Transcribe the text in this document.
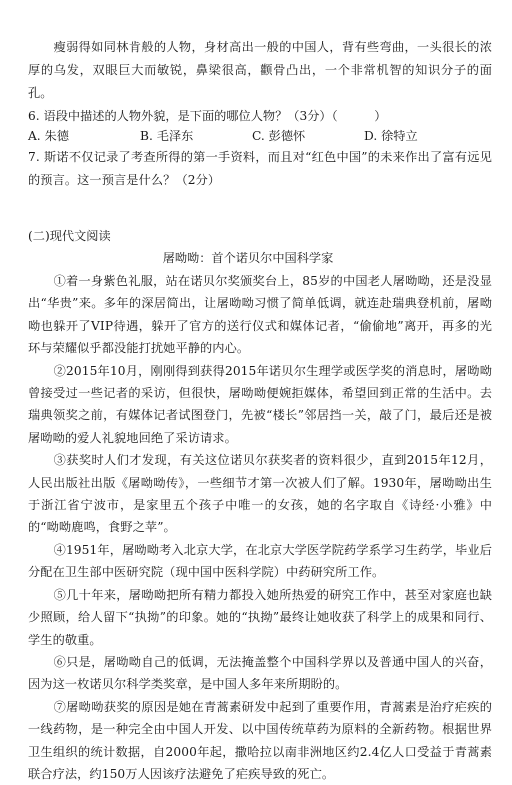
瘦弱得如同林肯般的人物，身材高出一般的中国人，背有些弯曲，一头很长的浓厚的乌发，双眼巨大而敏锐，鼻梁很高，颧骨凸出，一个非常机智的知识分子的面孔。

6. 语段中描述的人物外貌，是下面的哪位人物？（3分）（　　　）

A. 朱德	B. 毛泽东	C. 彭德怀	D. 徐特立

7. 斯诺不仅记录了考查所得的第一手资料，而且对“红色中国”的未来作出了富有远见的预言。这一预言是什么？（2分）

(二)现代文阅读

屠呦呦：首个诺贝尔中国科学家

①着一身紫色礼服，站在诺贝尔奖颁奖台上，85岁的中国老人屠呦呦，还是没显出“华贵”来。多年的深居简出，让屠呦呦习惯了简单低调，就连赴瑞典登机前，屠呦呦也躲开了VIP待遇，躲开了官方的送行仪式和媒体记者，“偷偷地”离开，再多的光环与荣耀似乎都没能打扰她平静的内心。

②2015年10月，刚刚得到获得2015年诺贝尔生理学或医学奖的消息时，屠呦呦曾接受过一些记者的采访，但很快，屠呦呦便婉拒媒体，希望回到正常的生活中。去瑞典领奖之前，有媒体记者试图登门，先被“楼长”邻居挡一关，敲了门，最后还是被屠呦呦的爱人礼貌地回绝了采访请求。

③获奖时人们才发现，有关这位诺贝尔获奖者的资料很少，直到2015年12月，人民出版社出版《屠呦呦传》，一些细节才第一次被人们了解。1930年，屠呦呦出生于浙江省宁波市，是家里五个孩子中唯一的女孩，她的名字取自《诗经·小雅》中的“呦呦鹿鸣，食野之苹”。

④1951年，屠呦呦考入北京大学，在北京大学医学院药学系学习生药学，毕业后分配在卫生部中医研究院（现中国中医科学院）中药研究所工作。

⑤几十年来，屠呦呦把所有精力都投入她所热爱的研究工作中，甚至对家庭也缺少照顾，给人留下“执拗”的印象。她的“执拗”最终让她收获了科学上的成果和同行、学生的敬重。

⑥只是，屠呦呦自己的低调，无法掩盖整个中国科学界以及普通中国人的兴奋，因为这一枚诺贝尔科学类奖章，是中国人多年来所期盼的。

⑦屠呦呦获奖的原因是她在青蒿素研发中起到了重要作用，青蒿素是治疗疟疾的一线药物，是一种完全由中国人开发、以中国传统草药为原料的全新药物。根据世界卫生组织的统计数据，自2000年起，撒哈拉以南非洲地区约2.4亿人口受益于青蒿素联合疗法，约150万人因该疗法避免了疟疾导致的死亡。
